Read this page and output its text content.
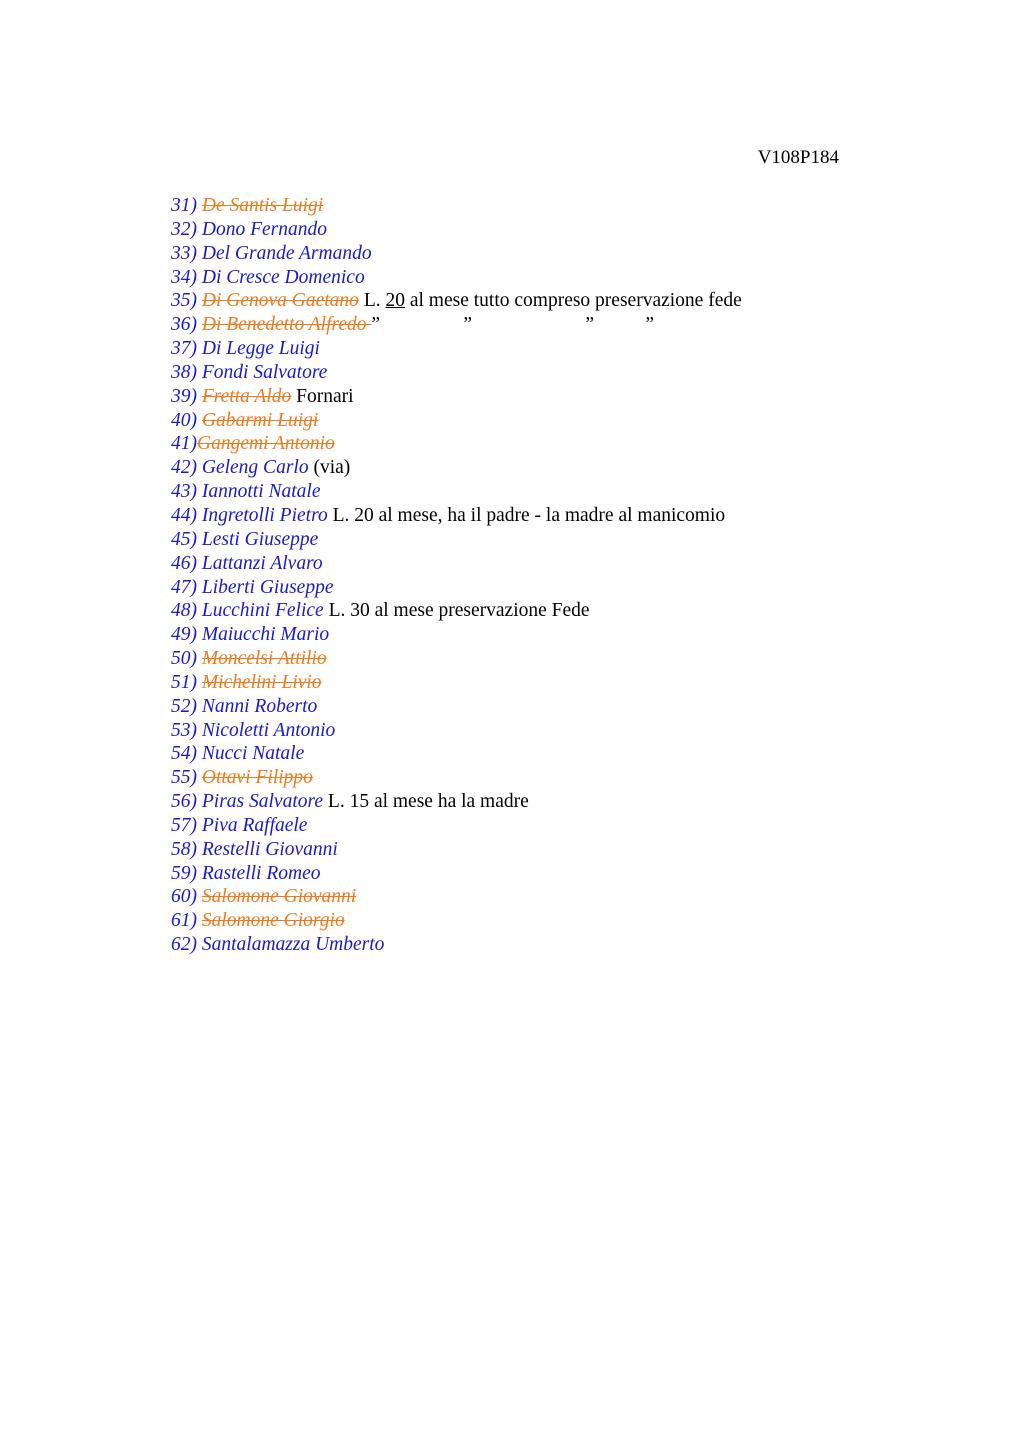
V108P184
31) De Santis Luigi
32) Dono Fernando
33) Del Grande Armando
34) Di Cresce Domenico
35) Di Genova Gaetano L. 20 al mese tutto compreso preservazione fede
36) Di Benedetto Alfredo ”	”	”	”
37) Di Legge Luigi
38) Fondi Salvatore
39) Fretta Aldo Fornari
40) Gabarmi Luigi
41)Gangemi Antonio
42) Geleng Carlo (via)
43) Iannotti Natale
44) Ingretolli Pietro L. 20 al mese, ha il padre - la madre al manicomio
45) Lesti Giuseppe
46) Lattanzi Alvaro
47) Liberti Giuseppe
48) Lucchini Felice L. 30 al mese preservazione Fede
49) Maiucchi Mario
50) Moncelsi Attilio
51) Michelini Livio
52) Nanni Roberto
53) Nicoletti Antonio
54) Nucci Natale
55) Ottavi Filippo
56) Piras Salvatore L. 15 al mese ha la madre
57) Piva Raffaele
58) Restelli Giovanni
59) Rastelli Romeo
60) Salomone Giovanni
61) Salomone Giorgio
62) Santalamazza Umberto
